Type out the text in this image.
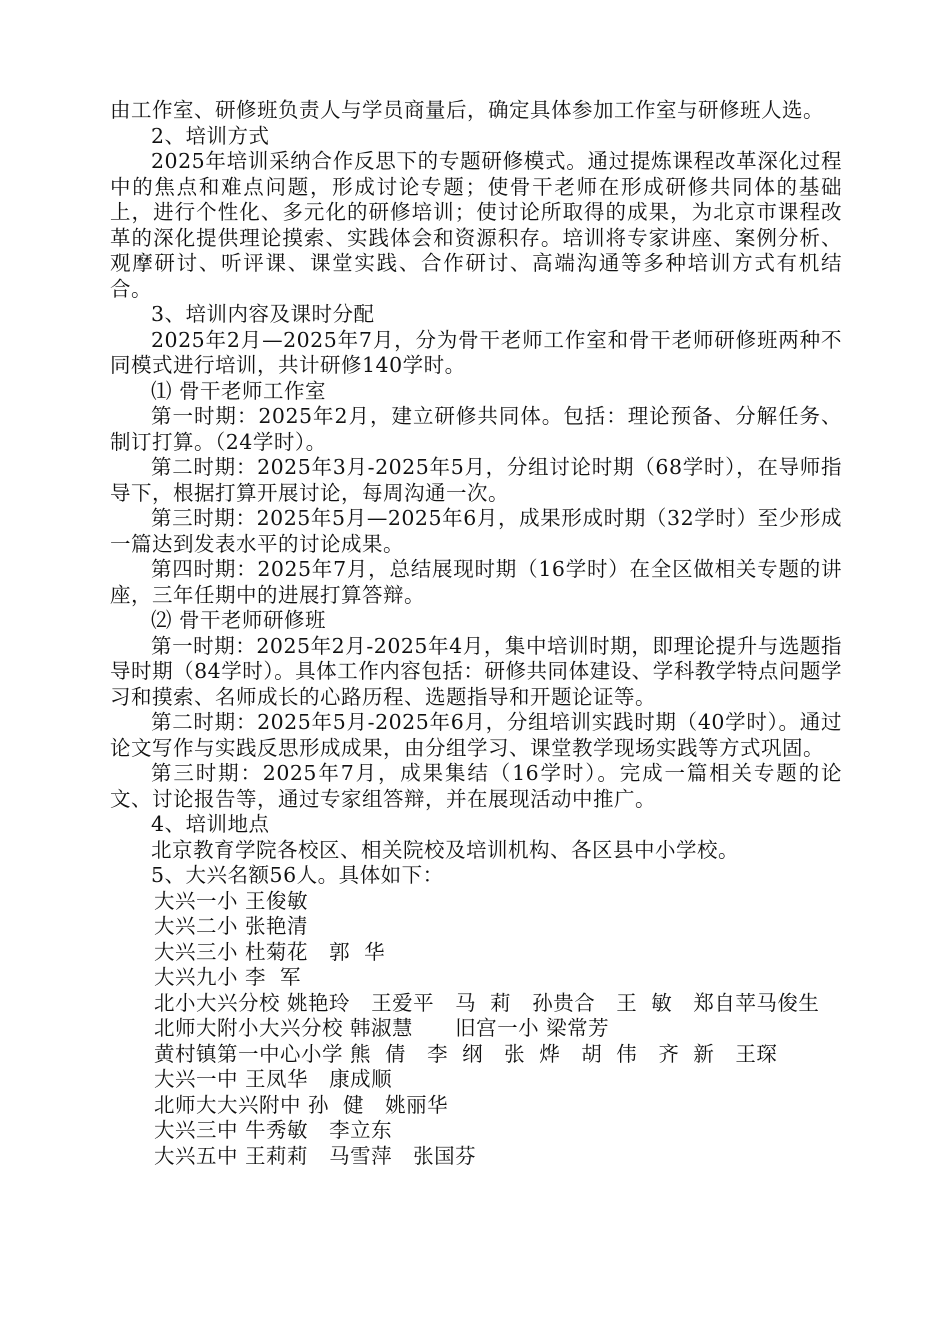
由工作室、研修班负责人与学员商量后，确定具体参加工作室与研修班人选。

2、培训方式

2025年培训采纳合作反思下的专题研修模式。通过提炼课程改革深化过程中的焦点和难点问题，形成讨论专题；使骨干老师在形成研修共同体的基础上，进行个性化、多元化的研修培训；使讨论所取得的成果，为北京市课程改革的深化提供理论摸索、实践体会和资源积存。培训将专家讲座、案例分析、观摩研讨、听评课、课堂实践、合作研讨、高端沟通等多种培训方式有机结合。

3、培训内容及课时分配

2025年2月—2025年7月，分为骨干老师工作室和骨干老师研修班两种不同模式进行培训，共计研修140学时。

⑴ 骨干老师工作室

第一时期：2025年2月，建立研修共同体。包括：理论预备、分解任务、制订打算。（24学时）。

第二时期：2025年3月-2025年5月，分组讨论时期（68学时），在导师指导下，根据打算开展讨论，每周沟通一次。

第三时期：2025年5月—2025年6月，成果形成时期（32学时）至少形成一篇达到发表水平的讨论成果。

第四时期：2025年7月，总结展现时期（16学时）在全区做相关专题的讲座，三年任期中的进展打算答辩。

⑵ 骨干老师研修班

第一时期：2025年2月-2025年4月，集中培训时期，即理论提升与选题指导时期（84学时）。具体工作内容包括：研修共同体建设、学科教学特点问题学习和摸索、名师成长的心路历程、选题指导和开题论证等。

第二时期：2025年5月-2025年6月，分组培训实践时期（40学时）。通过论文写作与实践反思形成成果，由分组学习、课堂教学现场实践等方式巩固。

第三时期：2025年7月，成果集结（16学时）。完成一篇相关专题的论文、讨论报告等，通过专家组答辩，并在展现活动中推广。

4、培训地点

北京教育学院各校区、相关院校及培训机构、各区县中小学校。

5、大兴名额56人。具体如下：

大兴一小 王俊敏

大兴二小 张艳清

大兴三小 杜菊花   郭  华

大兴九小 李  军

北小大兴分校 姚艳玲   王爱平   马  莉   孙贵合   王  敏   郑自苹马俊生

北师大附小大兴分校 韩淑慧      旧宫一小 梁常芳

黄村镇第一中心小学 熊  倩   李  纲   张  烨   胡  伟   齐  新   王琛

大兴一中 王凤华   康成顺

北师大大兴附中 孙  健   姚丽华

大兴三中 牛秀敏   李立东

大兴五中 王莉莉   马雪萍   张国芬
